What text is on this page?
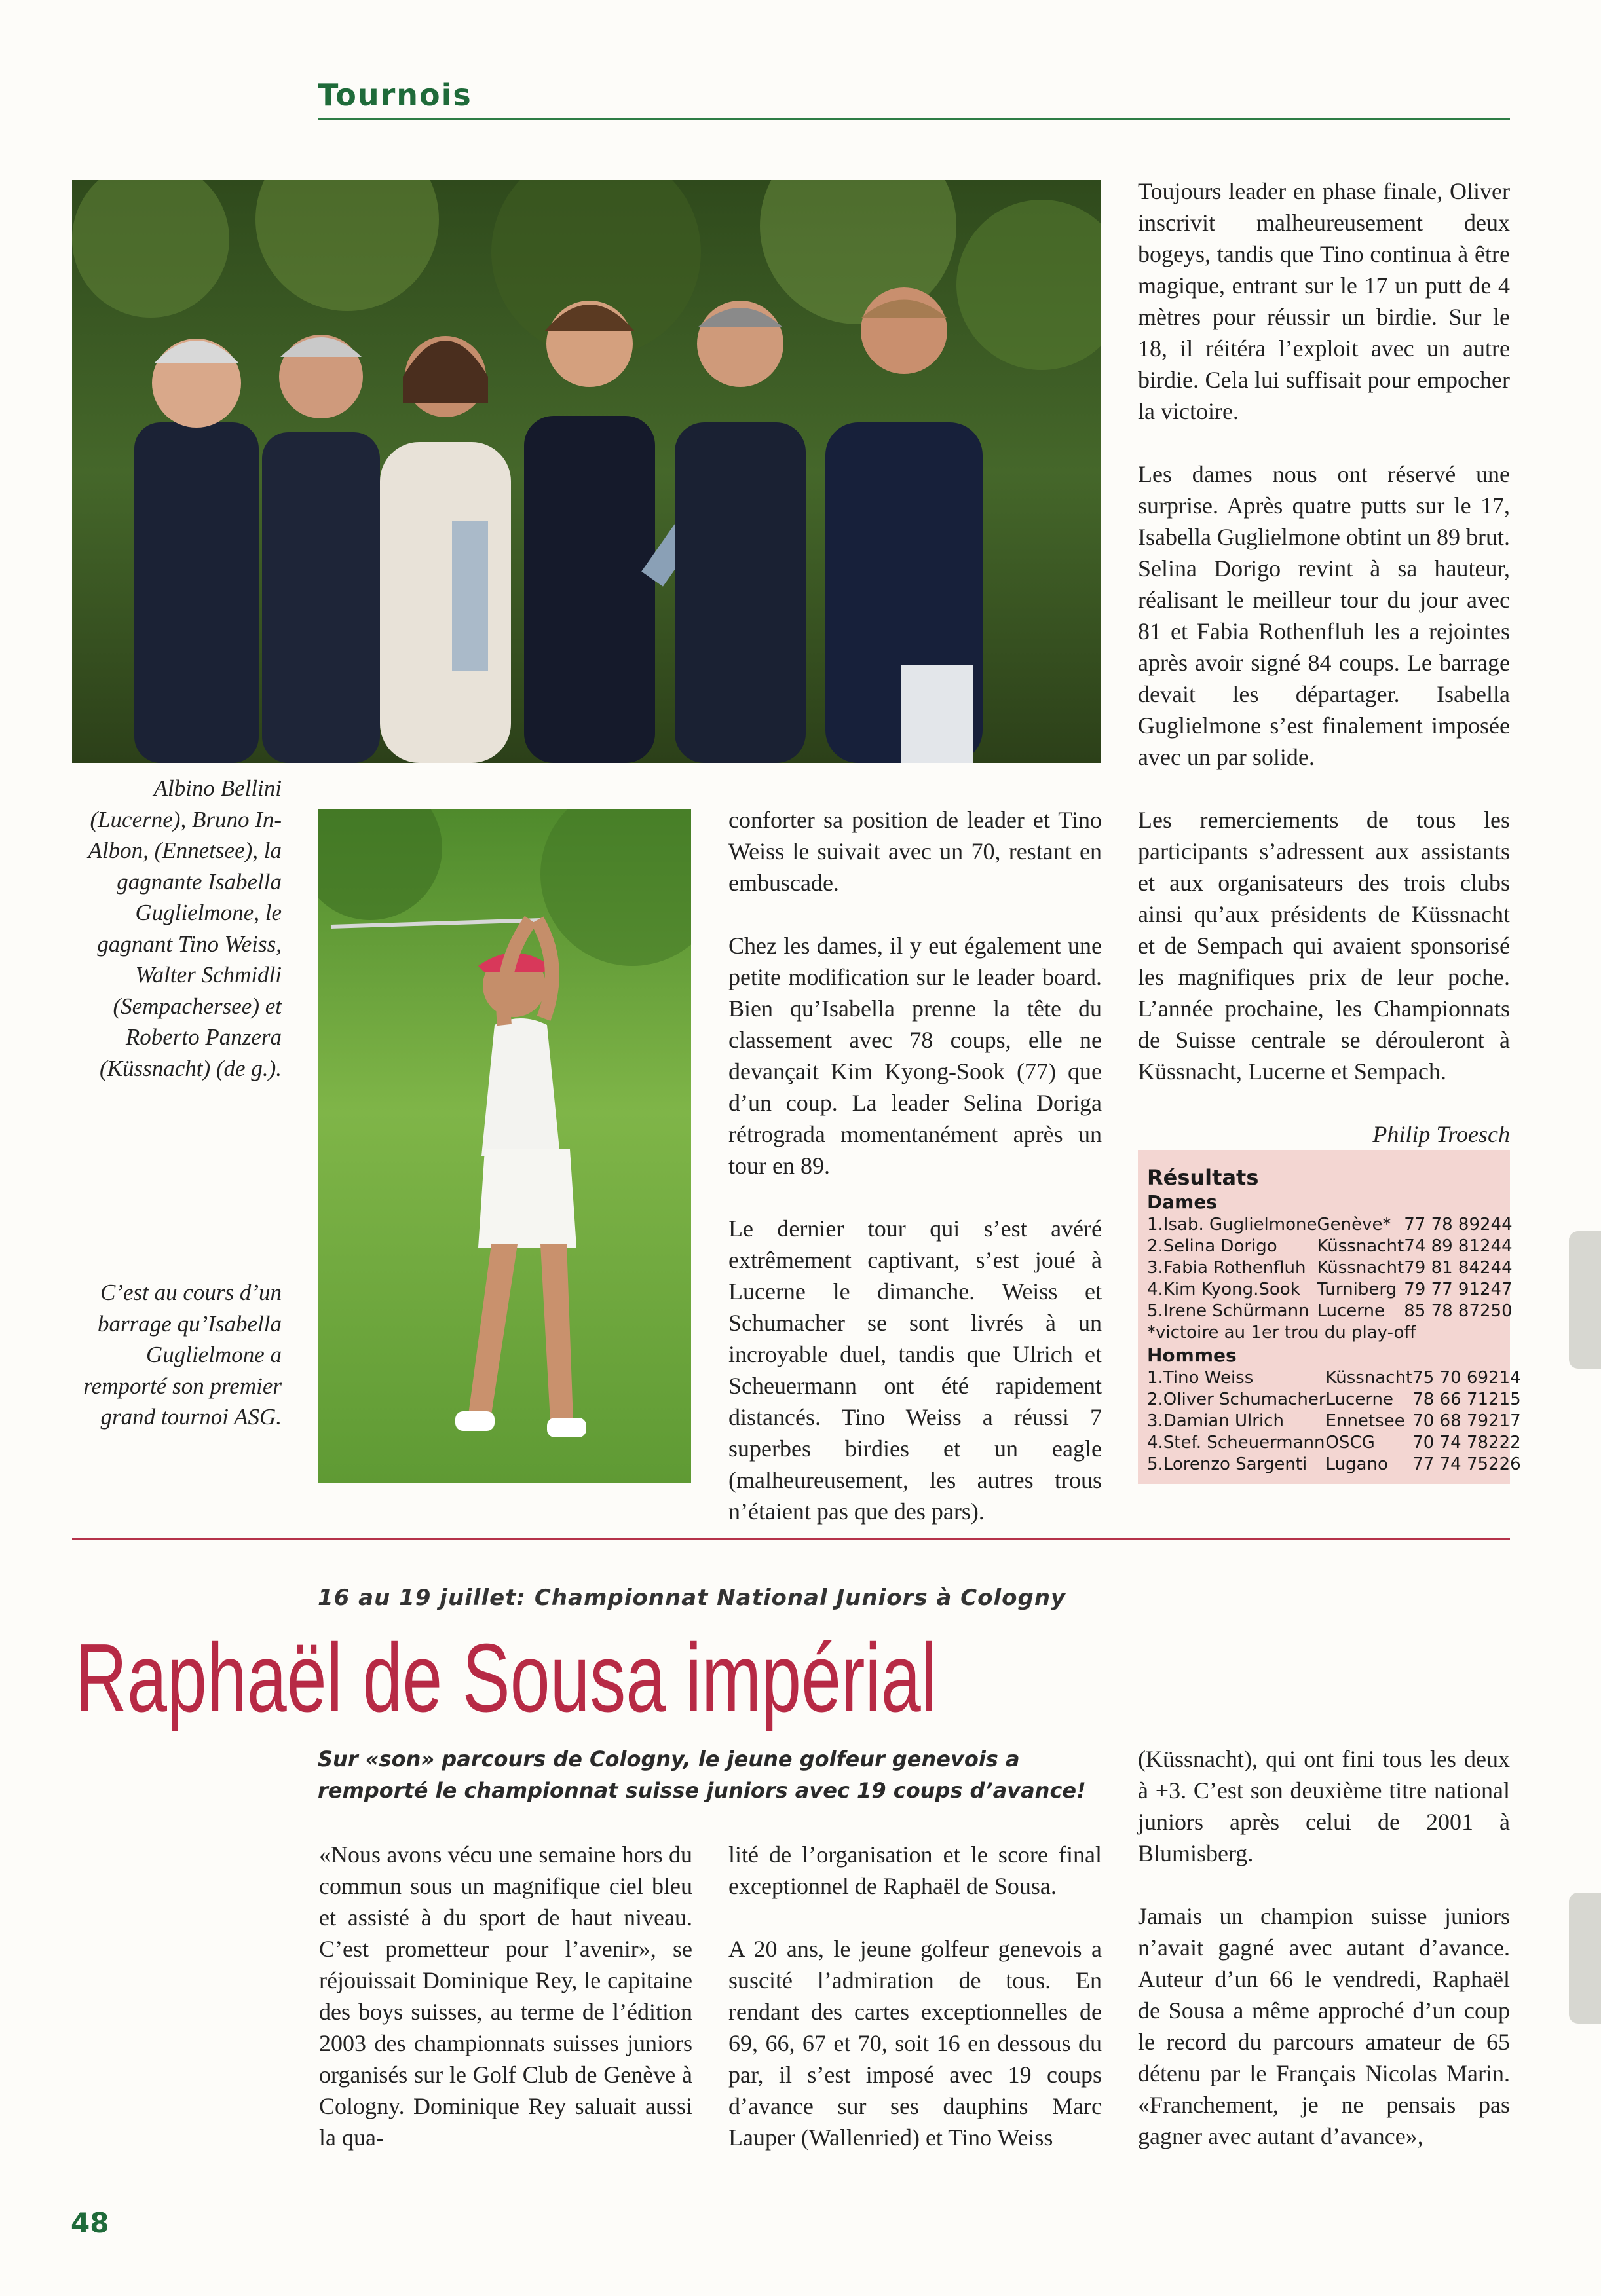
Tournois
Albino Bellini (Lucerne), Bruno In-Albon, (Ennetsee), la gagnante Isabella Guglielmone, le gagnant Tino Weiss, Walter Schmidli (Sempachersee) et Roberto Panzera (Küssnacht) (de g.).
C’est au cours d’un barrage qu’Isabella Guglielmone a remporté son premier grand tournoi ASG.

conforter sa position de leader et Tino Weiss le suivait avec un 70, restant en embuscade.

Chez les dames, il y eut également une petite modification sur le leader board. Bien qu’Isabella prenne la tête du classement avec 78 coups, elle ne devançait Kim Kyong-Sook (77) que d’un coup. La leader Selina Doriga rétrograda momentanément après un tour en 89.

Le dernier tour qui s’est avéré extrêmement captivant, s’est joué à Lucerne le dimanche. Weiss et Schumacher se sont livrés à un incroyable duel, tandis que Ulrich et Scheuermann ont été rapidement distancés. Tino Weiss a réussi 7 superbes birdies et un eagle (malheureusement, les autres trous n’étaient pas que des pars).

Toujours leader en phase finale, Oliver inscrivit malheureusement deux bogeys, tandis que Tino continua à être magique, entrant sur le 17 un putt de 4 mètres pour réussir un birdie. Sur le 18, il réitéra l’exploit avec un autre birdie. Cela lui suffisait pour empocher la victoire.

Les dames nous ont réservé une surprise. Après quatre putts sur le 17, Isabella Guglielmone obtint un 89 brut. Selina Dorigo revint à sa hauteur, réalisant le meilleur tour du jour avec 81 et Fabia Rothenfluh les a rejointes après avoir signé 84 coups. Le barrage devait les départager. Isabella Guglielmone s’est finalement imposée avec un par solide.

Les remerciements de tous les participants s’adressent aux assistants et aux organisateurs des trois clubs ainsi qu’aux présidents de Küssnacht et de Sempach qui avaient sponsorisé les magnifiques prix de leur poche. L’année prochaine, les Championnats de Suisse centrale se dérouleront à Küssnacht, Lucerne et Sempach.

Philip Troesch
Résultats
Dames
1.Isab. Guglielmone	Genève*	77 78 89	244
2.Selina Dorigo	Küssnacht	74 89 81	244
3.Fabia Rothenfluh	Küssnacht	79 81 84	244
4.Kim Kyong.Sook	Turniberg	79 77 91	247
5.Irene Schürmann	Lucerne	85 78 87	250
*victoire au 1er trou du play-off
Hommes
1.Tino Weiss	Küssnacht	75 70 69	214
2.Oliver Schumacher	Lucerne	78 66 71	215
3.Damian Ulrich	Ennetsee	70 68 79	217
4.Stef. Scheuermann	OSCG	70 74 78	222
5.Lorenzo Sargenti	Lugano	77 74 75	226
16 au 19 juillet: Championnat National Juniors à Cologny
Raphaël de Sousa impérial
Sur «son» parcours de Cologny, le jeune golfeur genevois a remporté le championnat suisse juniors avec 19 coups d’avance!

«Nous avons vécu une semaine hors du commun sous un magnifique ciel bleu et assisté à du sport de haut niveau. C’est prometteur pour l’avenir», se réjouissait Dominique Rey, le capitaine des boys suisses, au terme de l’édition 2003 des championnats suisses juniors organisés sur le Golf Club de Genève à Cologny. Dominique Rey saluait aussi la qua-

lité de l’organisation et le score final exceptionnel de Raphaël de Sousa.

A 20 ans, le jeune golfeur genevois a suscité l’admiration de tous. En rendant des cartes exceptionnelles de 69, 66, 67 et 70, soit 16 en dessous du par, il s’est imposé avec 19 coups d’avance sur ses dauphins Marc Lauper (Wallenried) et Tino Weiss

(Küssnacht), qui ont fini tous les deux à +3. C’est son deuxième titre national juniors après celui de 2001 à Blumisberg.

Jamais un champion suisse juniors n’avait gagné avec autant d’avance. Auteur d’un 66 le vendredi, Raphaël de Sousa a même approché d’un coup le record du parcours amateur de 65 détenu par le Français Nicolas Marin. «Franchement, je ne pensais pas gagner avec autant d’avance»,

48
